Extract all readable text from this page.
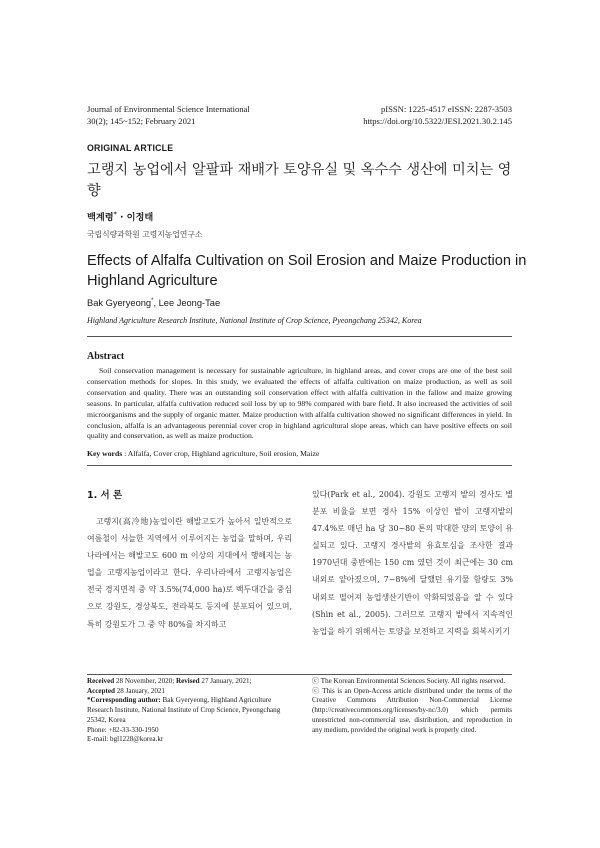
Journal of Environmental Science International
30(2); 145~152; February 2021
pISSN: 1225-4517 eISSN: 2287-3503
https://doi.org/10.5322/JESI.2021.30.2.145
ORIGINAL ARTICLE
고랭지 농업에서 알팔파 재배가 토양유실 및 옥수수 생산에 미치는 영향
백계령* · 이정태
국립식량과학원 고령지농업연구소
Effects of Alfalfa Cultivation on Soil Erosion and Maize Production in Highland Agriculture
Bak Gyeryeong*, Lee Jeong-Tae
Highland Agriculture Research Institute, National Institute of Crop Science, Pyeongchang 25342, Korea
Abstract
Soil conservation management is necessary for sustainable agriculture, in highland areas, and cover crops are one of the best soil conservation methods for slopes. In this study, we evaluated the effects of alfalfa cultivation on maize production, as well as soil conservation and quality. There was an outstanding soil conservation effect with alfalfa cultivation in the fallow and maize growing seasons. In particular, alfalfa cultivation reduced soil loss by up to 98% compared with bare field. It also increased the activities of soil microorganisms and the supply of organic matter. Maize production with alfalfa cultivation showed no significant differences in yield. In conclusion, alfalfa is an advantageous perennial cover crop in highland agricultural slope areas, which can have positive effects on soil quality and conservation, as well as maize production.
Key words : Alfalfa, Cover crop, Highland agriculture, Soil erosion, Maize
1. 서 론
고랭지(高冷地)농업이란 해발고도가 높아서 일반적으로 여름철이 서늘한 지역에서 이루어지는 농업을 말하며, 우리나라에서는 해발고도 600 m 이상의 지대에서 행해지는 농업을 고랭지농업이라고 한다. 우리나라에서 고랭지농업은 전국 경지면적 중 약 3.5%(74,000 ha)로 백두대간을 중심으로 강원도, 경상북도, 전라북도 등지에 분포되어 있으며, 특히 강원도가 그 중 약 80%를 차지하고
있다(Park et al., 2004). 강원도 고랭지 밭의 경사도 별 분포 비율을 보면 경사 15% 이상인 밭이 고랭지밭의 47.4%로 매년 ha 당 30~80 톤의 막대한 양의 토양이 유실되고 있다. 고랭지 경사밭의 유효토심을 조사한 결과 1970년대 중반에는 150 cm 였던 것이 최근에는 30 cm 내외로 얕아졌으며, 7~8%에 달했던 유기물 함량도 3% 내외로 떨어져 농업생산기반이 악화되었음을 알 수 있다(Shin et al., 2005). 그러므로 고랭지 밭에서 지속적인 농업을 하기 위해서는 토양을 보전하고 지력을 회복시키기
Received 28 November, 2020; Revised 27 January, 2021;
Accepted 28 January, 2021
*Corresponding author: Bak Gyeryeong, Highland Agriculture Research Institute, National Institute of Crop Science, Pyeongchang 25342, Korea
Phone: +82-33-330-1950
E-mail: bgl1228@korea.kr
ⓒ The Korean Environmental Sciences Society. All rights reserved.
ⓒ This is an Open-Access article distributed under the terms of the Creative Commons Attribution Non-Commercial License (http://creativecommons.org/licenses/by-nc/3.0) which permits unrestricted non-commercial use, distribution, and reproduction in any medium, provided the original work is properly cited.
